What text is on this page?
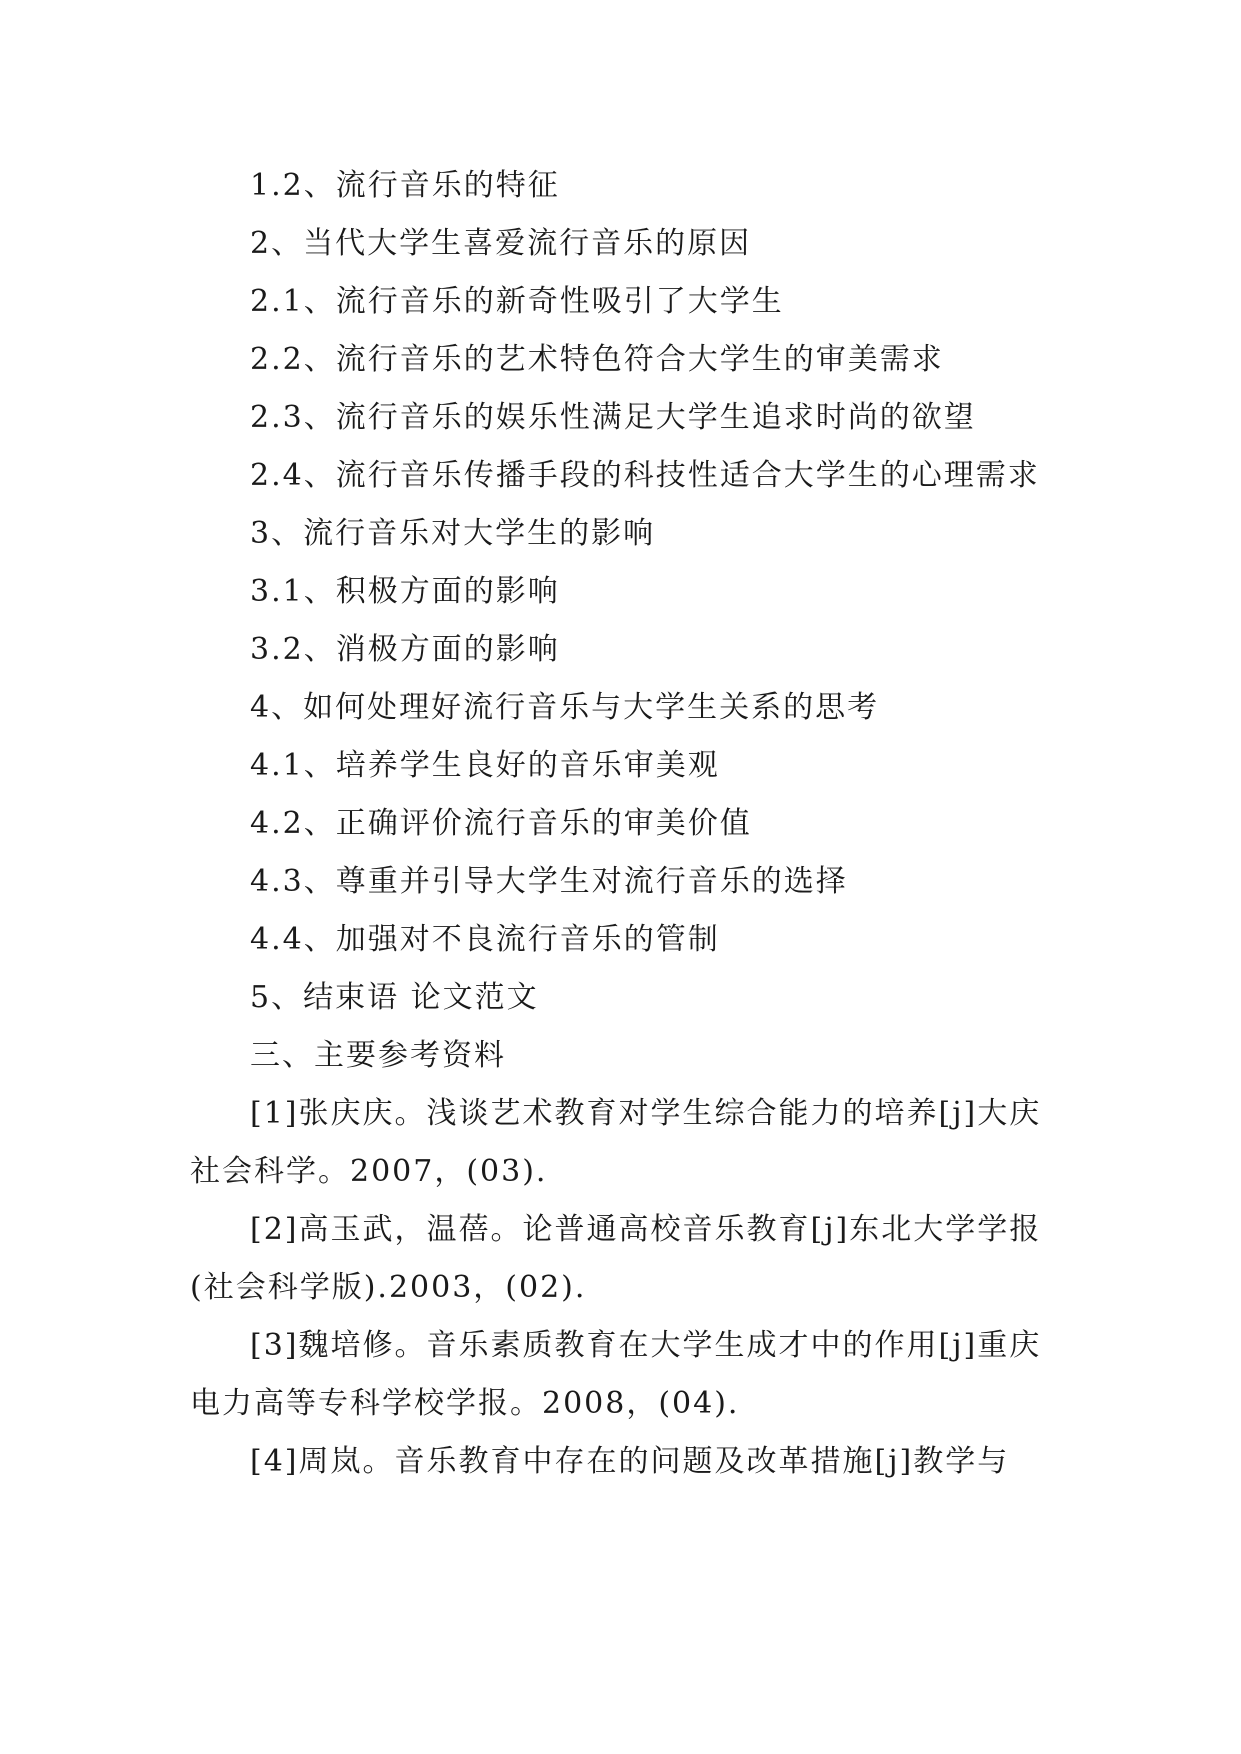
1.2、流行音乐的特征

2、当代大学生喜爱流行音乐的原因

2.1、流行音乐的新奇性吸引了大学生

2.2、流行音乐的艺术特色符合大学生的审美需求

2.3、流行音乐的娱乐性满足大学生追求时尚的欲望

2.4、流行音乐传播手段的科技性适合大学生的心理需求

3、流行音乐对大学生的影响

3.1、积极方面的影响

3.2、消极方面的影响

4、如何处理好流行音乐与大学生关系的思考

4.1、培养学生良好的音乐审美观

4.2、正确评价流行音乐的审美价值

4.3、尊重并引导大学生对流行音乐的选择

4.4、加强对不良流行音乐的管制

5、结束语 论文范文

三、主要参考资料

[1]张庆庆。浅谈艺术教育对学生综合能力的培养[j]大庆社会科学。2007，(03).

[2]高玉武，温蓓。论普通高校音乐教育[j]东北大学学报(社会科学版).2003，(02).

[3]魏培修。音乐素质教育在大学生成才中的作用[j]重庆电力高等专科学校学报。2008，(04).

[4]周岚。音乐教育中存在的问题及改革措施[j]教学与
